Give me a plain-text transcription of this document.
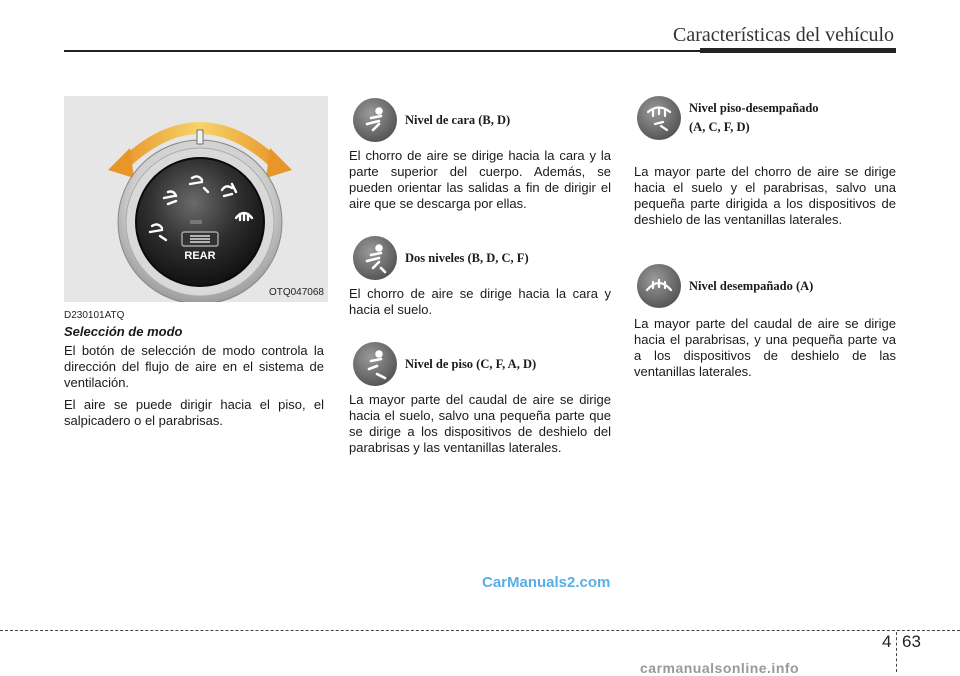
Características del vehículo
REAR
OTQ047068
D230101ATQ
Selección de modo

El botón de selección de modo controla la dirección del flujo de aire en el sistema de ventilación.

El aire se puede dirigir hacia el piso, el salpicadero o el parabrisas.

Nivel de cara (B, D)

El chorro de aire se dirige hacia la cara y la parte superior del cuerpo. Además, se pueden orientar las salidas a fin de dirigir el aire que se descarga por ellas.

Dos niveles (B, D, C, F)

El chorro de aire se dirige hacia la cara y hacia el suelo.

Nivel de piso (C, F, A, D)

La mayor parte del caudal de aire se dirige hacia el suelo, salvo una pequeña parte que se dirige a los dispositivos de deshielo del parabrisas y las ventanillas laterales.

Nivel piso-desempañado
(A, C, F, D)

La mayor parte del chorro de aire se dirige hacia el suelo y el parabrisas, salvo una pequeña parte dirigida a los dispositivos de deshielo de las ventanillas laterales.

Nivel desempañado (A)

La mayor parte del caudal de aire se dirige hacia el parabrisas, y una pequeña parte va a los dispositivos de deshielo de las ventanillas laterales.

CarManuals2.com
4 63
carmanualsonline.info
